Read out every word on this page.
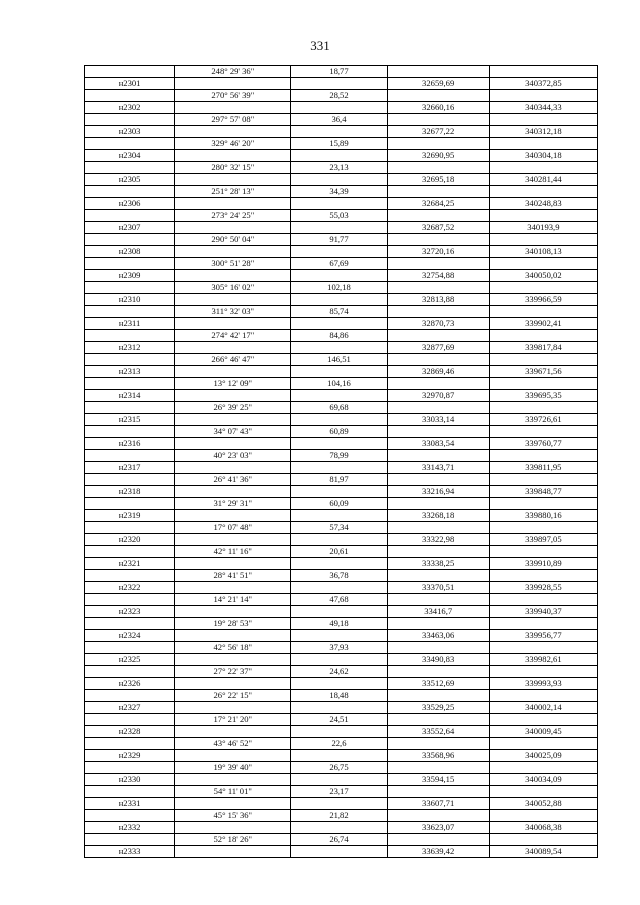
331
	248° 29' 36"	18,77		
н2301			32659,69	340372,85
	270° 56' 39"	28,52		
н2302			32660,16	340344,33
	297° 57' 08"	36,4		
н2303			32677,22	340312,18
	329° 46' 20"	15,89		
н2304			32690,95	340304,18
	280° 32' 15"	23,13		
н2305			32695,18	340281,44
	251° 28' 13"	34,39		
н2306			32684,25	340248,83
	273° 24' 25"	55,03		
н2307			32687,52	340193,9
	290° 50' 04"	91,77		
н2308			32720,16	340108,13
	300° 51' 28"	67,69		
н2309			32754,88	340050,02
	305° 16' 02"	102,18		
н2310			32813,88	339966,59
	311° 32' 03"	85,74		
н2311			32870,73	339902,41
	274° 42' 17"	84,86		
н2312			32877,69	339817,84
	266° 46' 47"	146,51		
н2313			32869,46	339671,56
	13° 12' 09"	104,16		
н2314			32970,87	339695,35
	26° 39' 25"	69,68		
н2315			33033,14	339726,61
	34° 07' 43"	60,89		
н2316			33083,54	339760,77
	40° 23' 03"	78,99		
н2317			33143,71	339811,95
	26° 41' 36"	81,97		
н2318			33216,94	339848,77
	31° 29' 31"	60,09		
н2319			33268,18	339880,16
	17° 07' 48"	57,34		
н2320			33322,98	339897,05
	42° 11' 16"	20,61		
н2321			33338,25	339910,89
	28° 41' 51"	36,78		
н2322			33370,51	339928,55
	14° 21' 14"	47,68		
н2323			33416,7	339940,37
	19° 28' 53"	49,18		
н2324			33463,06	339956,77
	42° 56' 18"	37,93		
н2325			33490,83	339982,61
	27° 22' 37"	24,62		
н2326			33512,69	339993,93
	26° 22' 15"	18,48		
н2327			33529,25	340002,14
	17° 21' 20"	24,51		
н2328			33552,64	340009,45
	43° 46' 52"	22,6		
н2329			33568,96	340025,09
	19° 39' 40"	26,75		
н2330			33594,15	340034,09
	54° 11' 01"	23,17		
н2331			33607,71	340052,88
	45° 15' 36"	21,82		
н2332			33623,07	340068,38
	52° 18' 26"	26,74		
н2333			33639,42	340089,54
